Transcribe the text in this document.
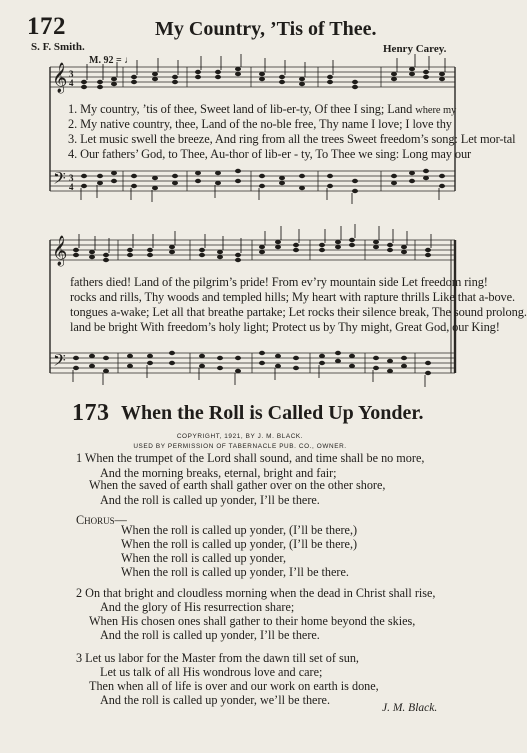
172	My Country, ’Tis of Thee.
S. F. Smith.	Henry Carey.
M. 92 = ♩
𝄞
𝄢
3
4
3
4
1. My country, ’tis of thee, Sweet land of lib-er-ty, Of thee I sing; Land where my
2. My native country, thee, Land of the no-ble free, Thy name I love; I love thy
3. Let music swell the breeze, And ring from all the trees Sweet freedom’s song: Let mor-tal
4. Our fathers’ God, to Thee, Au-thor of lib-er - ty, To Thee we sing: Long may our
𝄞
𝄢
fathers died! Land of the pilgrim’s pride! From ev’ry mountain side Let freedom ring!
rocks and rills, Thy woods and templed hills; My heart with rapture thrills Like that a-bove.
tongues a-wake; Let all that breathe partake; Let rocks their silence break, The sound prolong.
land be bright With freedom’s holy light; Protect us by Thy might, Great God, our King!
173 When the Roll is Called Up Yonder.
COPYRIGHT, 1921, BY J. M. BLACK.
USED BY PERMISSION OF TABERNACLE PUB. CO., OWNER.
1 When the trumpet of the Lord shall sound, and time shall be no more,
And the morning breaks, eternal, bright and fair;
When the saved of earth shall gather over on the other shore,
And the roll is called up yonder, I’ll be there.
Chorus—
When the roll is called up yonder, (I’ll be there,)
When the roll is called up yonder, (I’ll be there,)
When the roll is called up yonder,
When the roll is called up yonder, I’ll be there.
2 On that bright and cloudless morning when the dead in Christ shall rise,
And the glory of His resurrection share;
When His chosen ones shall gather to their home beyond the skies,
And the roll is called up yonder, I’ll be there.
3 Let us labor for the Master from the dawn till set of sun,
Let us talk of all His wondrous love and care;
Then when all of life is over and our work on earth is done,
And the roll is called up yonder, we’ll be there.
J. M. Black.
